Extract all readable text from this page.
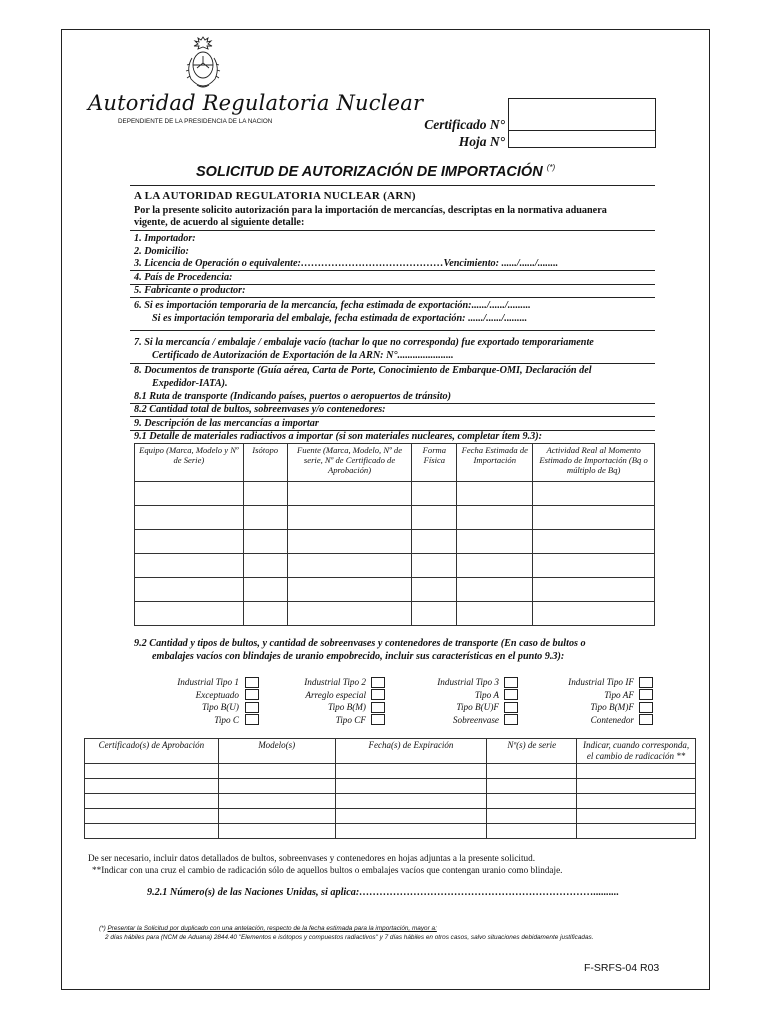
Autoridad Regulatoria Nuclear
DEPENDIENTE DE LA PRESIDENCIA DE LA NACION	Certificado N°
Hoja N°
SOLICITUD DE AUTORIZACIÓN DE IMPORTACIÓN (*)
A LA AUTORIDAD REGULATORIA NUCLEAR (ARN)
Por la presente solicito autorización para la importación de mercancías, descriptas en la normativa aduanera
vigente, de acuerdo al siguiente detalle:
1. Importador:
2. Domicilio:
3. Licencia de Operación o equivalente:……………………………………Vencimiento: ....../....../........
4. País de Procedencia:
5. Fabricante o productor:
6. Si es importación temporaria de la mercancía, fecha estimada de exportación:....../....../.........
Si es importación temporaria del embalaje, fecha estimada de exportación: ....../....../.........
7. Si la mercancía / embalaje / embalaje vacío (tachar lo que no corresponda) fue exportado temporariamente
Certificado de Autorización de Exportación de la ARN: N°......................
8. Documentos de transporte (Guía aérea, Carta de Porte, Conocimiento de Embarque-OMI, Declaración del
Expedidor-IATA).
8.1 Ruta de transporte (Indicando países, puertos o aeropuertos de tránsito)
8.2 Cantidad total de bultos, sobreenvases y/o contenedores:
9. Descripción de las mercancías a importar
9.1 Detalle de materiales radiactivos a importar (si son materiales nucleares, completar ítem 9.3):
Equipo (Marca, Modelo y Nº de Serie)	Isótopo	Fuente (Marca, Modelo, Nº de serie, Nº de Certificado de Aprobación)	Forma Física	Fecha Estimada de Importación	Actividad Real al Momento Estimado de Importación (Bq o múltiplo de Bq)

9.2 Cantidad y tipos de bultos, y cantidad de sobreenvases y contenedores de transporte (En caso de bultos o
embalajes vacíos con blindajes de uranio empobrecido, incluir sus características en el punto 9.3):
Industrial Tipo 1
Exceptuado
Tipo B(U)
Tipo C
Industrial Tipo 2
Arreglo especial
Tipo B(M)
Tipo CF
Industrial Tipo 3
Tipo A
Tipo B(U)F
Sobreenvase
Industrial Tipo IF
Tipo AF
Tipo B(M)F
Contenedor
Certificado(s) de Aprobación	Modelo(s)	Fecha(s) de Expiración	Nº(s) de serie	Indicar, cuando corresponda, el cambio de radicación **

De ser necesario, incluir datos detallados de bultos, sobreenvases y contenedores en hojas adjuntas a la presente solicitud.
**Indicar con una cruz el cambio de radicación sólo de aquellos bultos o embalajes vacíos que contengan uranio como blindaje.
9.2.1 Número(s) de las Naciones Unidas, si aplica:……………………………………………………………..........
(*) Presentar la Solicitud por duplicado con una antelación, respecto de la fecha estimada para la importación, mayor a:
2 días hábiles para (NCM de Aduana) 2844.40 "Elementos e isótopos y compuestos radiactivos" y 7 días hábiles en otros casos, salvo situaciones debidamente justificadas.
F-SRFS-04 R03
